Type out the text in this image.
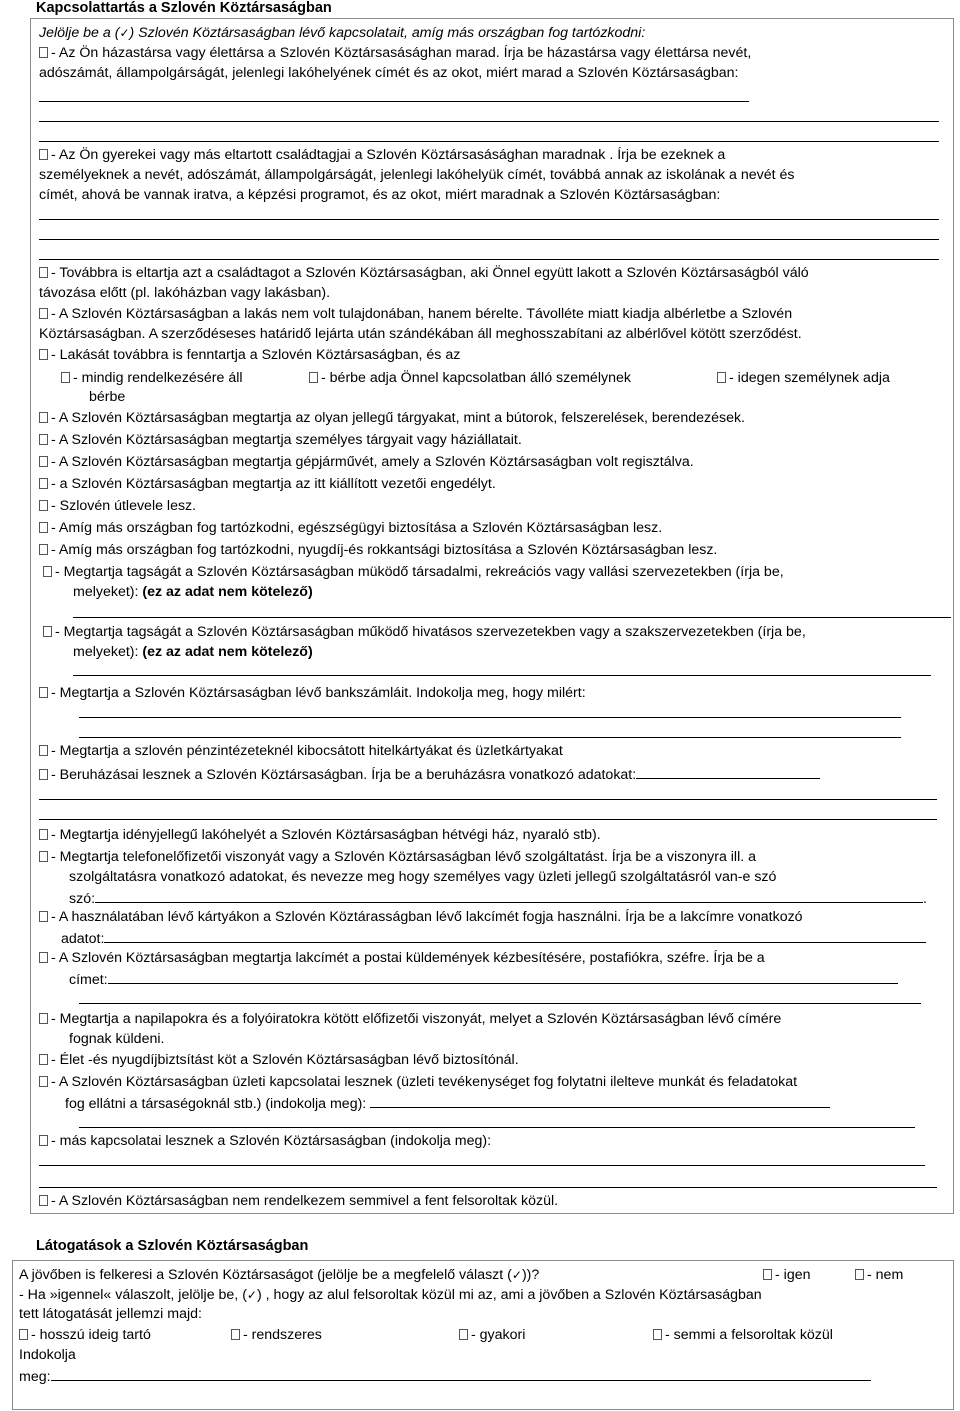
Kapcsolattartás a Szlovén Köztársaságban
Jelölje be a (✓) Szlovén Köztársaságban lévő kapcsolatait, amíg más országban fog tartózkodni:
- Az Ön házastársa vagy élettársa a Szlovén Köztársasásághan marad. Írja be házastársa vagy élettársa nevét,
adószámát, állampolgárságát, jelenlegi lakóhelyének címét és az okot, miért marad a Szlovén Köztársaságban:
- Az Ön gyerekei vagy más eltartott családtagjai a Szlovén Köztársasásághan maradnak . Írja be ezeknek a
személyeknek a nevét, adószámát, állampolgárságát, jelenlegi lakóhelyük címét, továbbá annak az iskolának a nevét és
címét, ahová be vannak iratva, a képzési programot, és az okot, miért maradnak a Szlovén Köztársaságban:
- Továbbra is eltartja azt a családtagot a Szlovén Köztársaságban, aki Önnel együtt lakott a Szlovén Köztársaságból váló
távozása előtt (pl. lakóházban vagy lakásban).
- A Szlovén Köztársaságban a lakás nem volt tulajdonában, hanem bérelte. Távolléte miatt kiadja albérletbe a Szlovén
Köztársaságban. A szerződéseses határidő lejárta után szándékában áll meghosszabítani az albérlővel kötött szerződést.
- Lakását továbbra is fenntartja a Szlovén Köztársaságban, és az
- mindig rendelkezésére áll	- bérbe adja Önnel kapcsolatban álló személynek	- idegen személynek adja
bérbe
- A Szlovén Köztársaságban megtartja az olyan jellegű tárgyakat, mint a bútorok, felszerelések, berendezések.
- A Szlovén Köztársaságban megtartja személyes tárgyait vagy háziállatait.
- A Szlovén Köztársaságban megtartja gépjárművét, amely a Szlovén Köztársaságban volt regisztálva.
- a Szlovén Köztársaságban megtartja az itt kiállított vezetői engedélyt.
- Szlovén útlevele lesz.
- Amíg más országban fog tartózkodni, egészségügyi biztosítása a Szlovén Köztársaságban lesz.
- Amíg más országban fog tartózkodni, nyugdíj-és rokkantsági biztosítása a Szlovén Köztársaságban lesz.
- Megtartja tagságát a Szlovén Köztársaságban müködő társadalmi, rekreációs vagy vallási szervezetekben (írja be,
melyeket): (ez az adat nem kötelező)
- Megtartja tagságát a Szlovén Köztársaságban működő hivatásos szervezetekben vagy a szakszervezetekben (írja be,
melyeket): (ez az adat nem kötelező)
- Megtartja a Szlovén Köztársaságban lévő bankszámláit. Indokolja meg, hogy milért:
- Megtartja a szlovén pénzintézeteknél kibocsátott hitelkártyákat és üzletkártyakat
- Beruházásai lesznek a Szlovén Köztársaságban. Írja be a beruházásra vonatkozó adatokat:
- Megtartja idényjellegű lakóhelyét a Szlovén Köztársaságban hétvégi ház, nyaraló stb).
- Megtartja telefonelőfizetői viszonyát vagy a Szlovén Köztársaságban lévő szolgáltatást. Írja be a viszonyra ill. a
szolgáltatásra vonatkozó adatokat, és nevezze meg hogy személyes vagy üzleti jellegű szolgáltatásról van-e szó
szó:	.
- A használatában lévő kártyákon a Szlovén Köztárasságban lévő lakcímét fogja használni. Írja be a lakcímre vonatkozó
adatot:
- A Szlovén Köztársaságban megtartja lakcímét a postai küldemények kézbesítésére, postafiókra, széfre. Írja be a
címet:
- Megtartja a napilapokra és a folyóiratokra kötött előfizetői viszonyát, melyet a Szlovén Köztársaságban lévő címére
fognak küldeni.
- Élet -és nyugdíjbiztsítást köt a Szlovén Köztársaságban lévő biztosítónál.
- A Szlovén Köztársaságban üzleti kapcsolatai lesznek (üzleti tevékenységet fog folytatni ilelteve munkát és feladatokat
fog ellátni a társaségoknál stb.) (indokolja meg):
- más kapcsolatai lesznek a Szlovén Köztársaságban (indokolja meg):
- A Szlovén Köztársaságban nem rendelkezem semmivel a fent felsoroltak közül.
Látogatások a Szlovén Köztársaságban
A jövőben is felkeresi a Szlovén Köztársaságot (jelölje be a megfelelő választ (✓))?	- igen	- nem
- Ha »igennel« válaszolt, jelölje be, (✓) , hogy az alul felsoroltak közül mi az, ami a jövőben a Szlovén Köztársaságban
tett látogatását jellemzi majd:
- hosszú ideig tartó	- rendszeres	- gyakori	- semmi a felsoroltak közül
Indokolja
meg:
